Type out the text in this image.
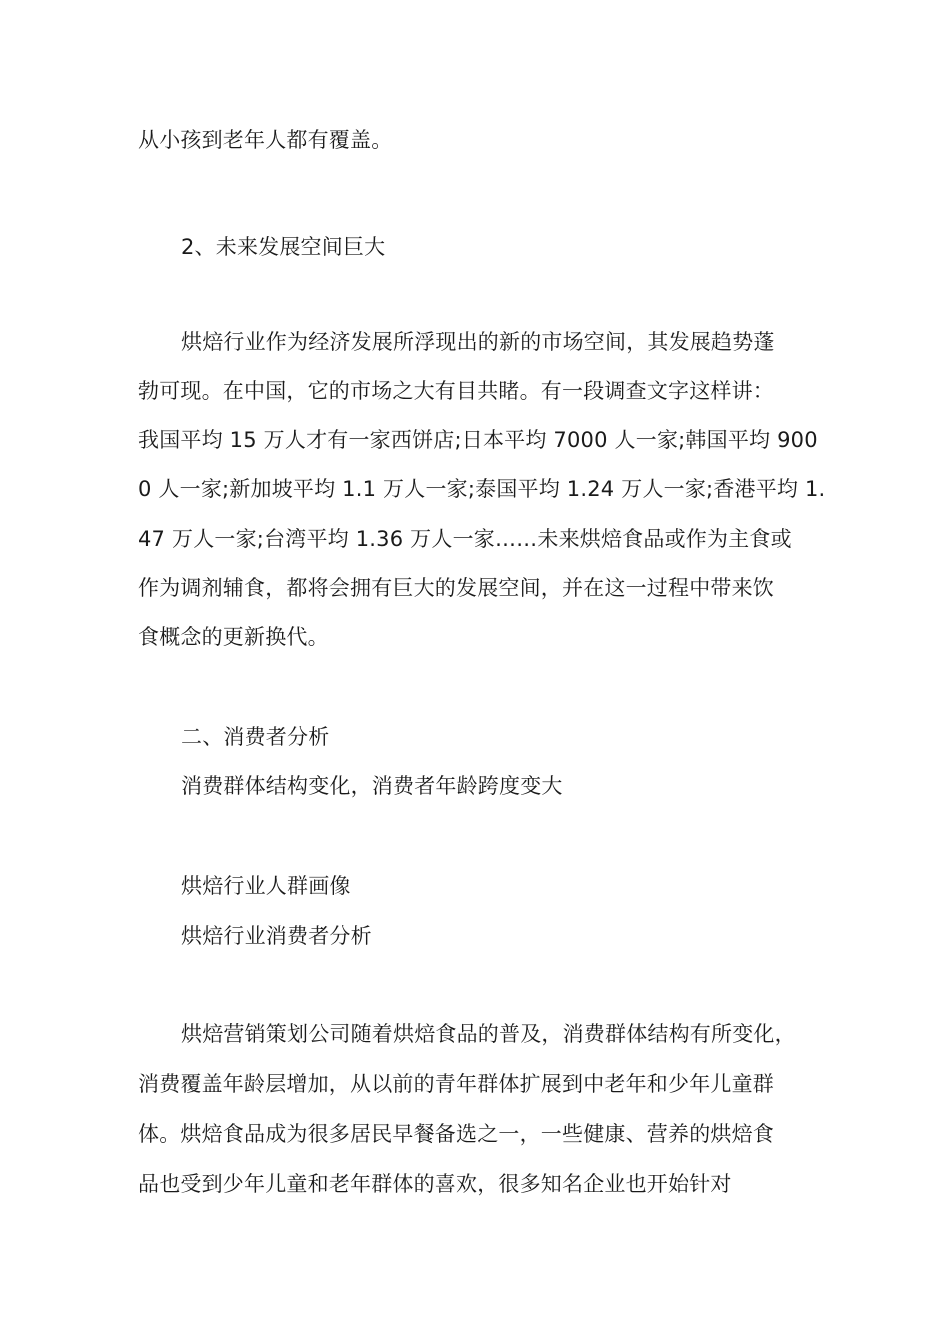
从小孩到老年人都有覆盖。
2、未来发展空间巨大
烘焙行业作为经济发展所浮现出的新的市场空间，其发展趋势蓬
勃可现。在中国，它的市场之大有目共睹。有一段调查文字这样讲：
我国平均 15 万人才有一家西饼店;日本平均 7000 人一家;韩国平均 900
0 人一家;新加坡平均 1.1 万人一家;泰国平均 1.24 万人一家;香港平均 1.
47 万人一家;台湾平均 1.36 万人一家……未来烘焙食品或作为主食或
作为调剂辅食，都将会拥有巨大的发展空间，并在这一过程中带来饮
食概念的更新换代。
二、消费者分析
消费群体结构变化，消费者年龄跨度变大
烘焙行业人群画像
烘焙行业消费者分析
烘焙营销策划公司随着烘焙食品的普及，消费群体结构有所变化，
消费覆盖年龄层增加，从以前的青年群体扩展到中老年和少年儿童群
体。烘焙食品成为很多居民早餐备选之一，一些健康、营养的烘焙食
品也受到少年儿童和老年群体的喜欢，很多知名企业也开始针对
